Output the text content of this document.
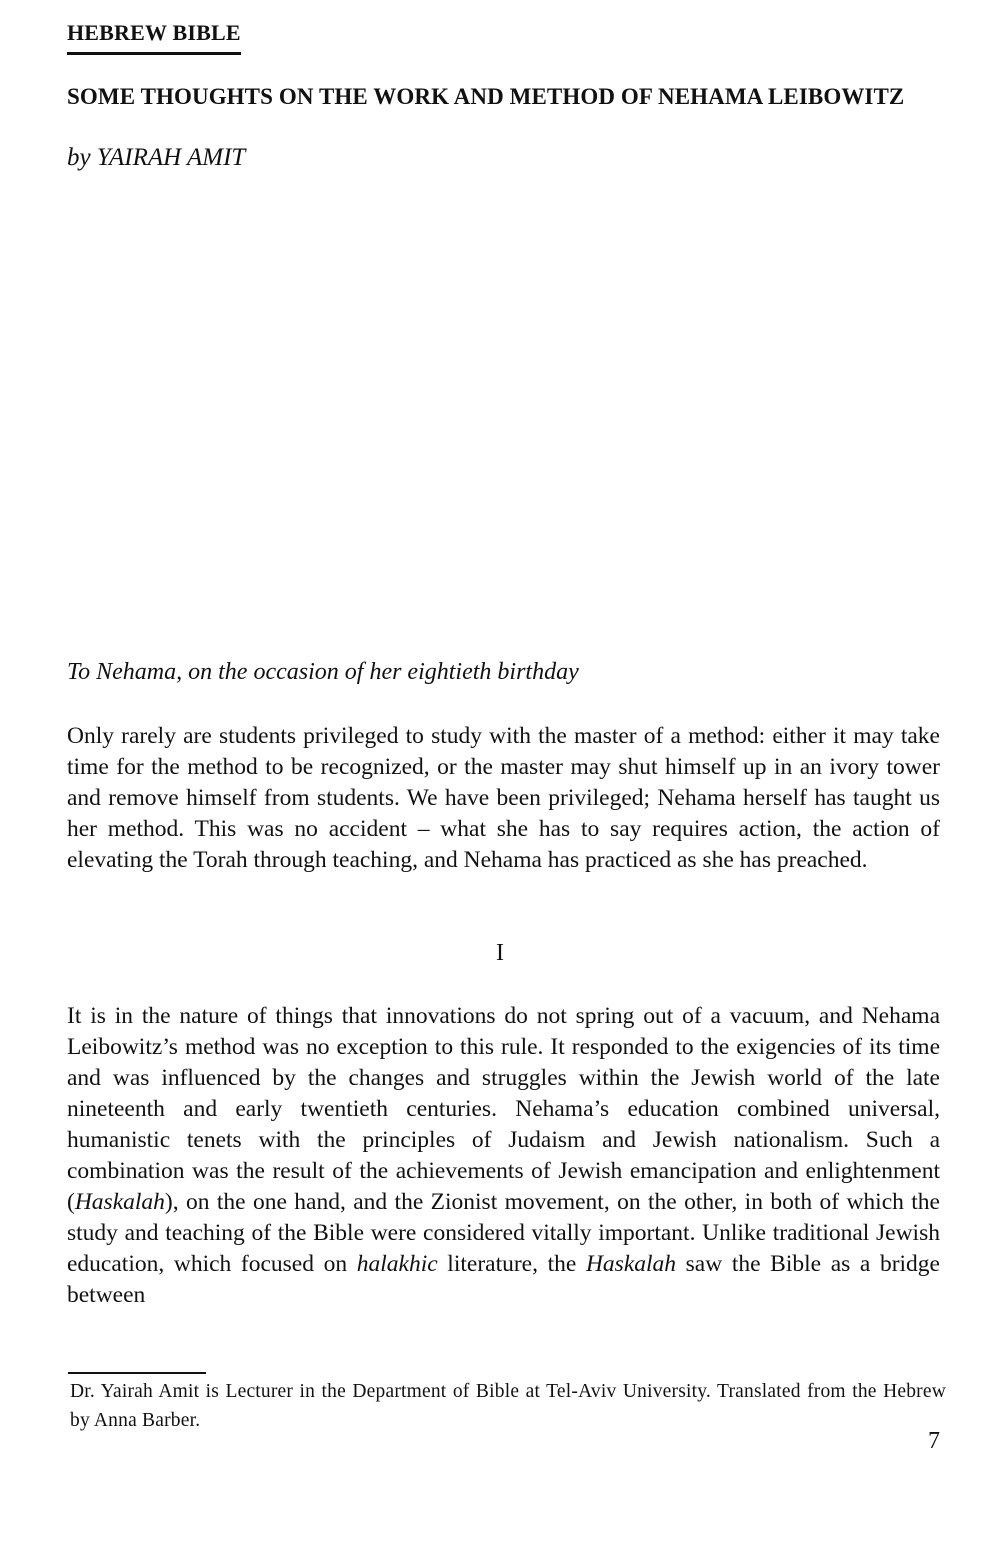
HEBREW BIBLE
SOME THOUGHTS ON THE WORK AND METHOD OF NEHAMA LEIBOWITZ
by YAIRAH AMIT
To Nehama, on the occasion of her eightieth birthday

Only rarely are students privileged to study with the master of a method: either it may take time for the method to be recognized, or the master may shut himself up in an ivory tower and remove himself from students. We have been privileged; Nehama herself has taught us her method. This was no accident – what she has to say requires action, the action of elevating the Torah through teaching, and Nehama has practiced as she has preached.

I

It is in the nature of things that innovations do not spring out of a vacuum, and Nehama Leibowitz’s method was no exception to this rule. It responded to the exigencies of its time and was influenced by the changes and struggles within the Jewish world of the late nineteenth and early twentieth centuries. Nehama’s education combined universal, humanistic tenets with the principles of Judaism and Jewish nationalism. Such a combination was the result of the achievements of Jewish emancipation and enlightenment (Haskalah), on the one hand, and the Zionist movement, on the other, in both of which the study and teaching of the Bible were considered vitally important. Unlike traditional Jewish education, which focused on halakhic literature, the Haskalah saw the Bible as a bridge between

Dr. Yairah Amit is Lecturer in the Department of Bible at Tel-Aviv University. Translated from the Hebrew by Anna Barber.

7
